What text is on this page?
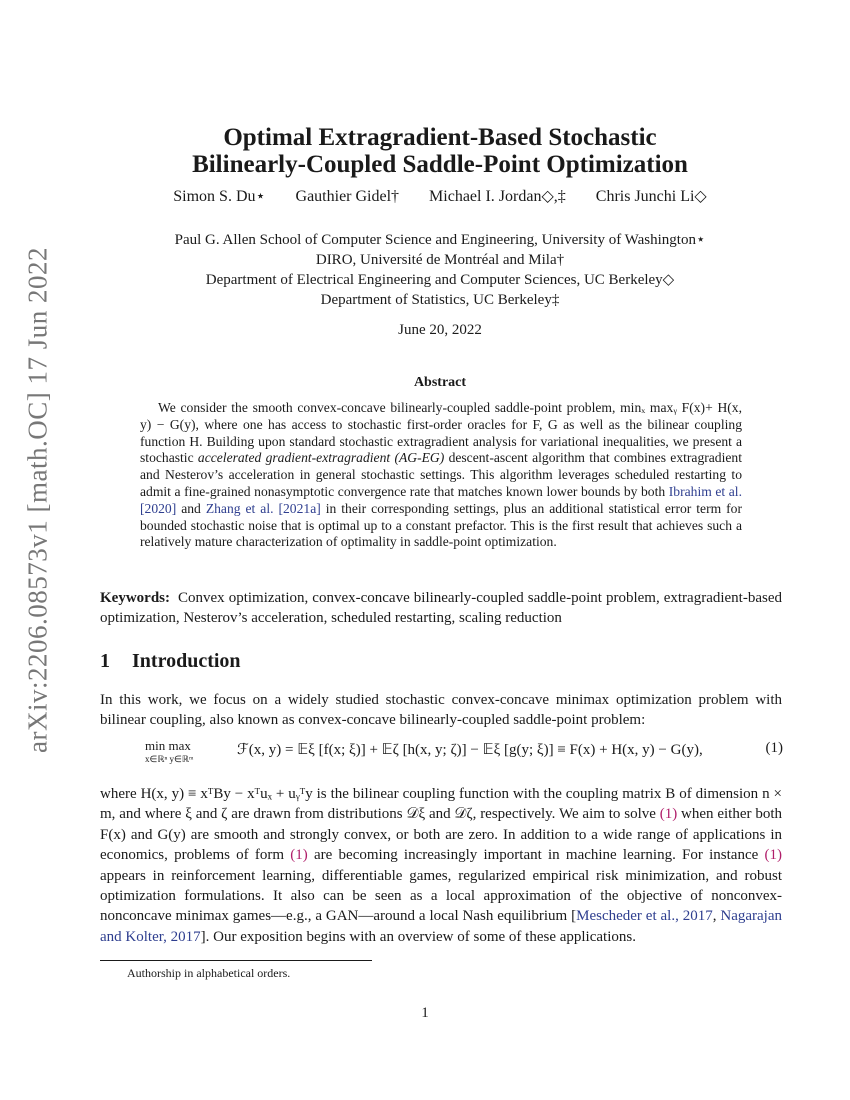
arXiv:2206.08573v1 [math.OC] 17 Jun 2022
Optimal Extragradient-Based Stochastic
Bilinearly-Coupled Saddle-Point Optimization
Simon S. Du⋆ Gauthier Gidel† Michael I. Jordan◇,‡ Chris Junchi Li◇
Paul G. Allen School of Computer Science and Engineering, University of Washington⋆
DIRO, Université de Montréal and Mila†
Department of Electrical Engineering and Computer Sciences, UC Berkeley◇
Department of Statistics, UC Berkeley‡
June 20, 2022
Abstract
We consider the smooth convex-concave bilinearly-coupled saddle-point problem, minₓ maxᵧ F(x)+ H(x, y) − G(y), where one has access to stochastic first-order oracles for F, G as well as the bilinear coupling function H. Building upon standard stochastic extragradient analysis for variational inequalities, we present a stochastic accelerated gradient-extragradient (AG-EG) descent-ascent algorithm that combines extragradient and Nesterov’s acceleration in general stochastic settings. This algorithm leverages scheduled restarting to admit a fine-grained nonasymptotic convergence rate that matches known lower bounds by both Ibrahim et al. [2020] and Zhang et al. [2021a] in their corresponding settings, plus an additional statistical error term for bounded stochastic noise that is optimal up to a constant prefactor. This is the first result that achieves such a relatively mature characterization of optimality in saddle-point optimization.
Keywords: Convex optimization, convex-concave bilinearly-coupled saddle-point problem, extragradient-based optimization, Nesterov’s acceleration, scheduled restarting, scaling reduction
1 Introduction
In this work, we focus on a widely studied stochastic convex-concave minimax optimization problem with bilinear coupling, also known as convex-concave bilinearly-coupled saddle-point problem:
min max
x∈ℝⁿ y∈ℝᵐ
ℱ(x, y) = 𝔼ξ [f(x; ξ)] + 𝔼ζ [h(x, y; ζ)] − 𝔼ξ [g(y; ξ)] ≡ F(x) + H(x, y) − G(y),	(1)
where H(x, y) ≡ xᵀBy − xᵀuₓ + uᵧᵀy is the bilinear coupling function with the coupling matrix B of dimension n × m, and where ξ and ζ are drawn from distributions 𝒟ξ and 𝒟ζ, respectively. We aim to solve (1) when either both F(x) and G(y) are smooth and strongly convex, or both are zero. In addition to a wide range of applications in economics, problems of form (1) are becoming increasingly important in machine learning. For instance (1) appears in reinforcement learning, differentiable games, regularized empirical risk minimization, and robust optimization formulations. It also can be seen as a local approximation of the objective of nonconvex-nonconcave minimax games—e.g., a GAN—around a local Nash equilibrium [Mescheder et al., 2017, Nagarajan and Kolter, 2017]. Our exposition begins with an overview of some of these applications.
Authorship in alphabetical orders.
1
